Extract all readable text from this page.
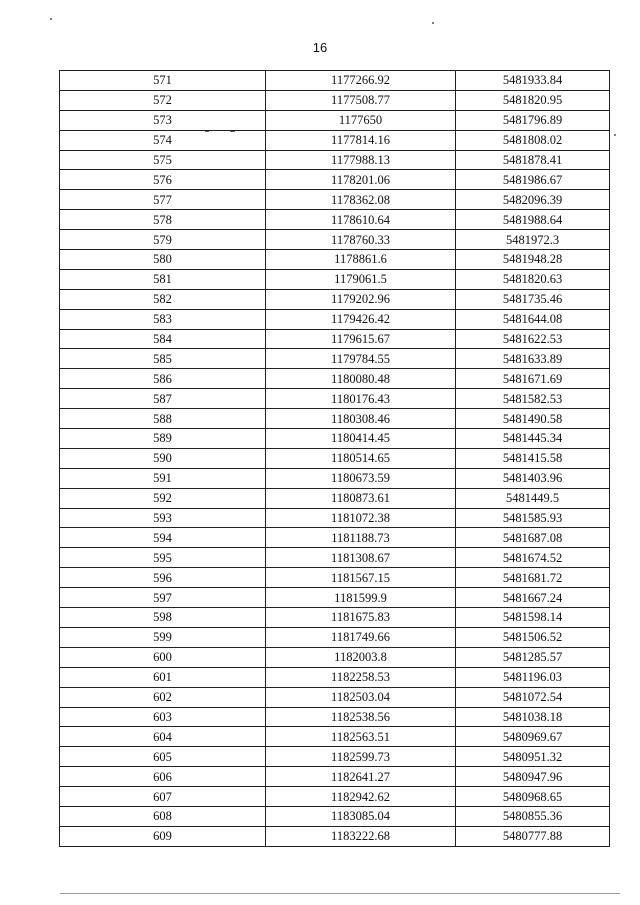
16
571	1177266.92	5481933.84
572	1177508.77	5481820.95
573	1177650	5481796.89
574	1177814.16	5481808.02
575	1177988.13	5481878.41
576	1178201.06	5481986.67
577	1178362.08	5482096.39
578	1178610.64	5481988.64
579	1178760.33	5481972.3
580	1178861.6	5481948.28
581	1179061.5	5481820.63
582	1179202.96	5481735.46
583	1179426.42	5481644.08
584	1179615.67	5481622.53
585	1179784.55	5481633.89
586	1180080.48	5481671.69
587	1180176.43	5481582.53
588	1180308.46	5481490.58
589	1180414.45	5481445.34
590	1180514.65	5481415.58
591	1180673.59	5481403.96
592	1180873.61	5481449.5
593	1181072.38	5481585.93
594	1181188.73	5481687.08
595	1181308.67	5481674.52
596	1181567.15	5481681.72
597	1181599.9	5481667.24
598	1181675.83	5481598.14
599	1181749.66	5481506.52
600	1182003.8	5481285.57
601	1182258.53	5481196.03
602	1182503.04	5481072.54
603	1182538.56	5481038.18
604	1182563.51	5480969.67
605	1182599.73	5480951.32
606	1182641.27	5480947.96
607	1182942.62	5480968.65
608	1183085.04	5480855.36
609	1183222.68	5480777.88
